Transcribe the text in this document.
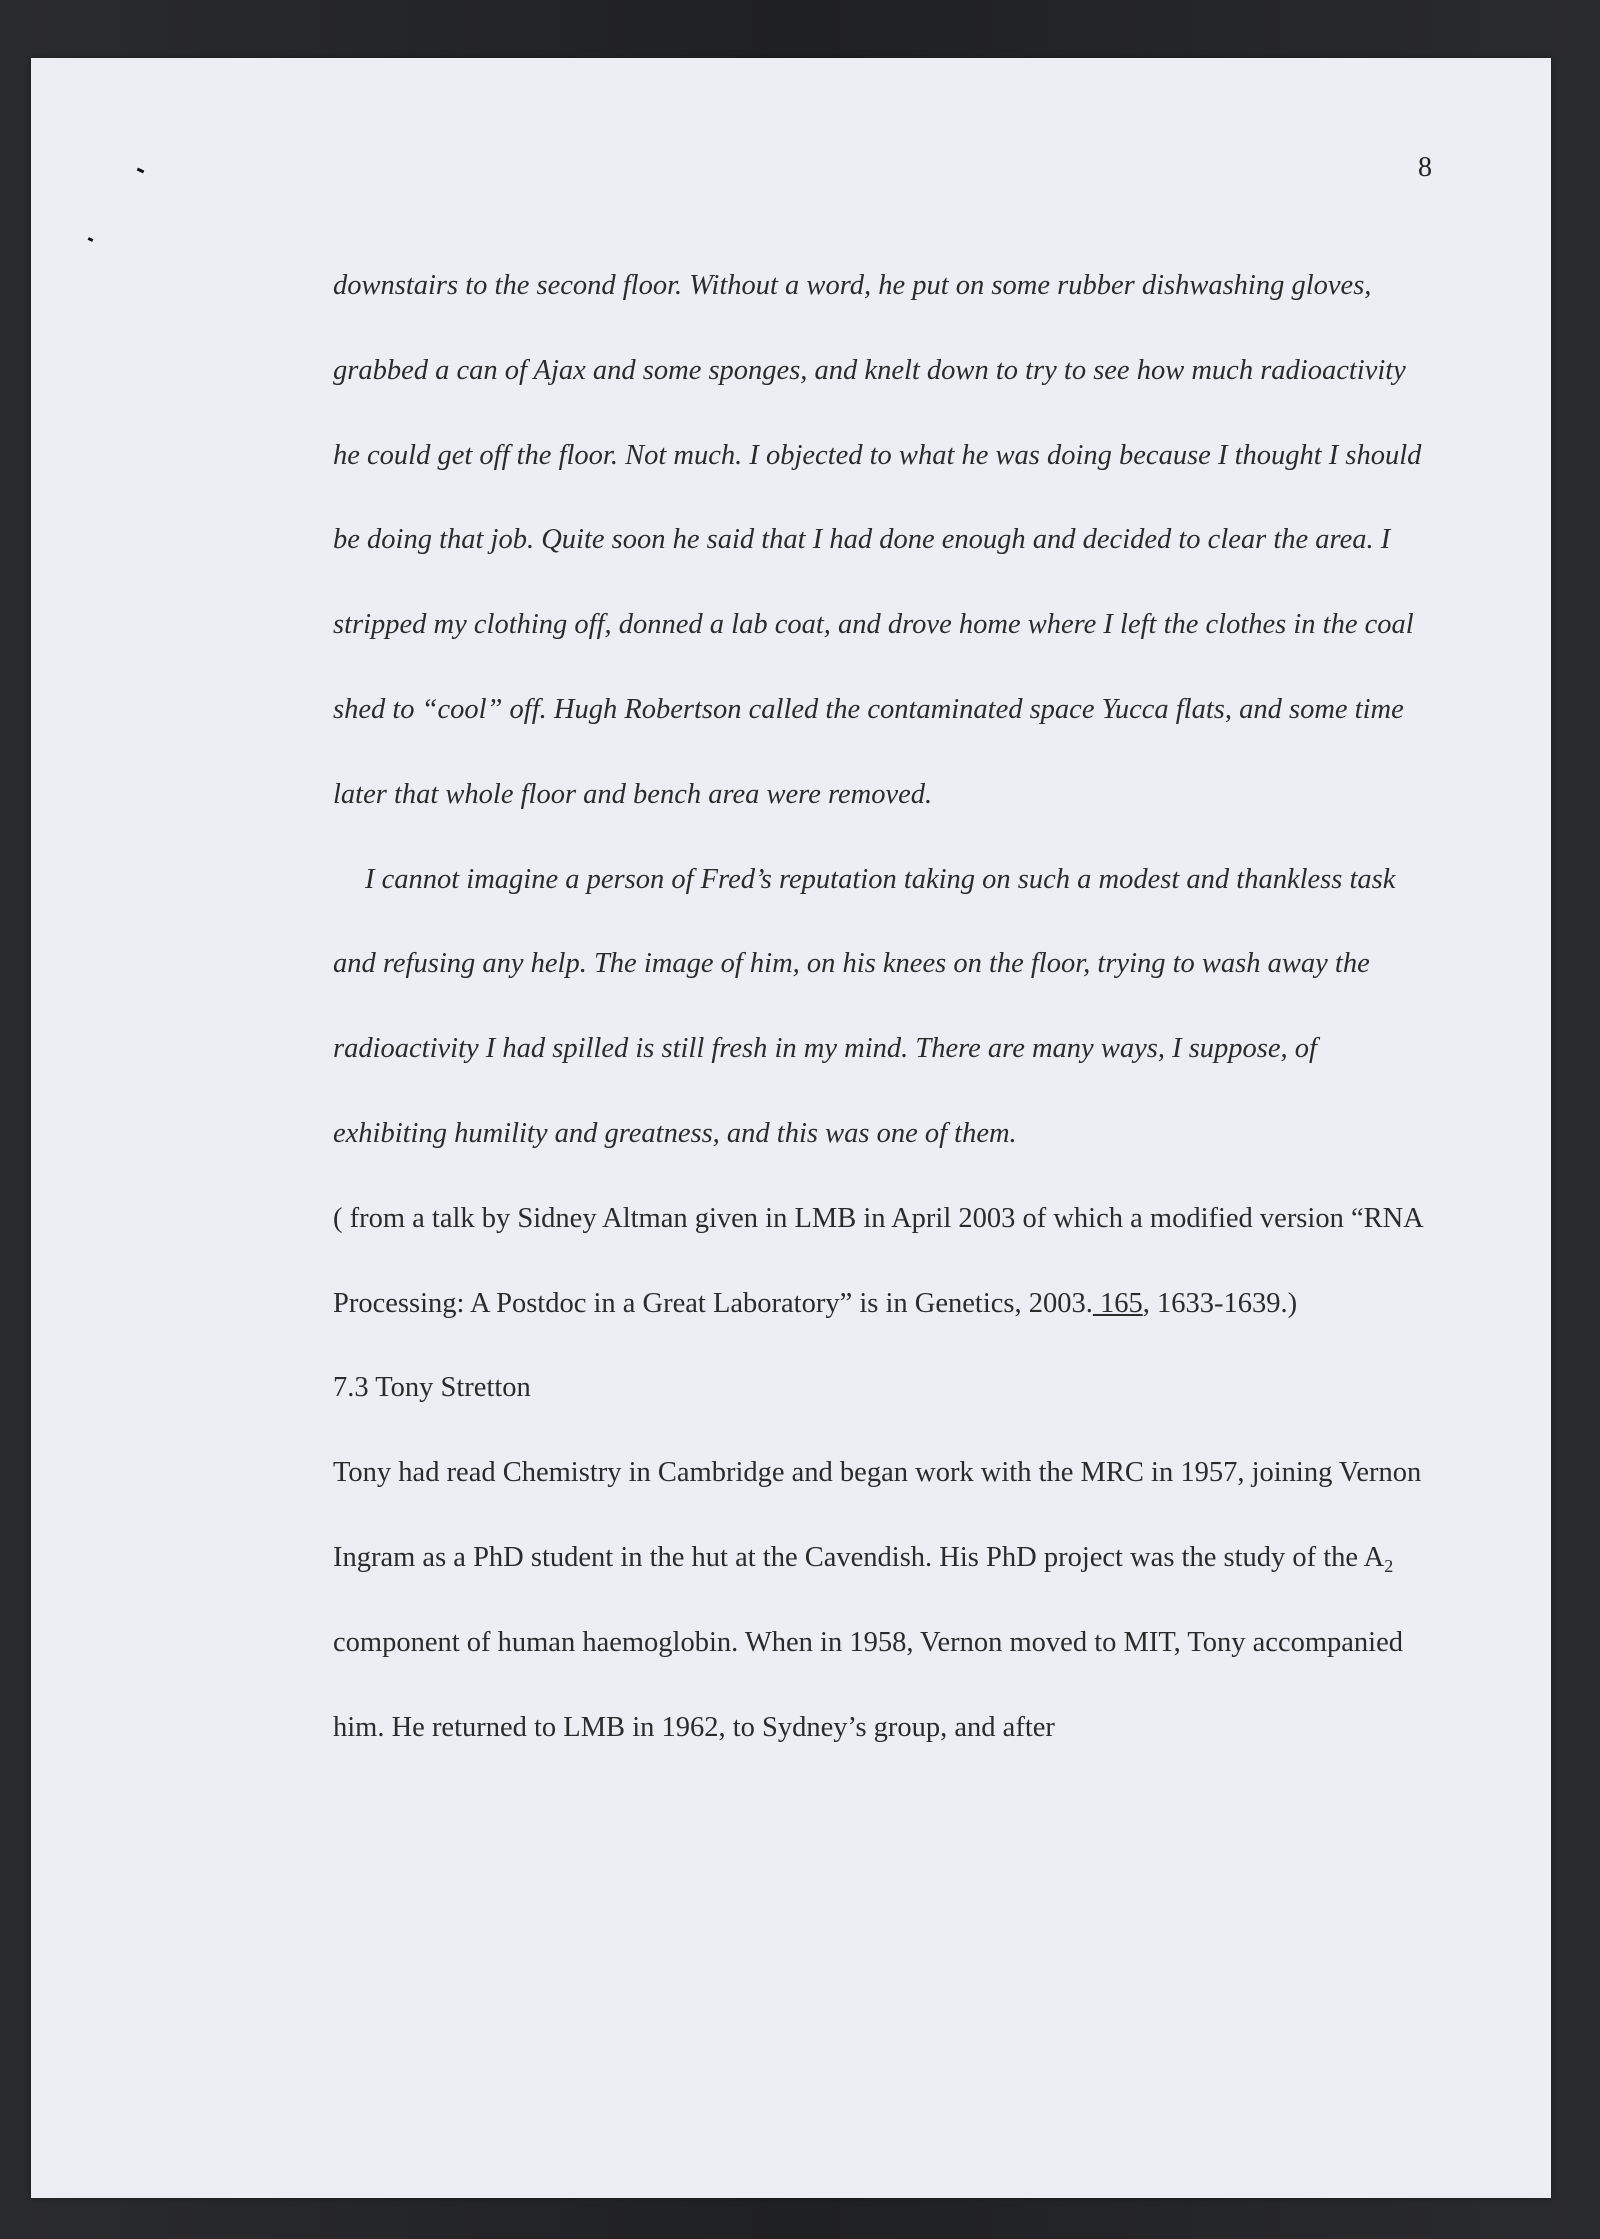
8

downstairs to the second floor. Without a word, he put on some rubber dishwashing gloves, grabbed a can of Ajax and some sponges, and knelt down to try to see how much radioactivity he could get off the floor. Not much. I objected to what he was doing because I thought I should be doing that job. Quite soon he said that I had done enough and decided to clear the area. I stripped my clothing off, donned a lab coat, and drove home where I left the clothes in the coal shed to “cool” off. Hugh Robertson called the contaminated space Yucca flats, and some time later that whole floor and bench area were removed.

I cannot imagine a person of Fred’s reputation taking on such a modest and thankless task and refusing any help. The image of him, on his knees on the floor, trying to wash away the radioactivity I had spilled is still fresh in my mind. There are many ways, I suppose, of exhibiting humility and greatness, and this was one of them.

( from a talk by Sidney Altman given in LMB in April 2003 of which a modified version “RNA Processing: A Postdoc in a Great Laboratory” is in Genetics, 2003. 165, 1633-1639.)

7.3 Tony Stretton

Tony had read Chemistry in Cambridge and began work with the MRC in 1957, joining Vernon Ingram as a PhD student in the hut at the Cavendish. His PhD project was the study of the $A_2$ component of human haemoglobin. When in 1958, Vernon moved to MIT, Tony accompanied him. He returned to LMB in 1962, to Sydney’s group, and after
